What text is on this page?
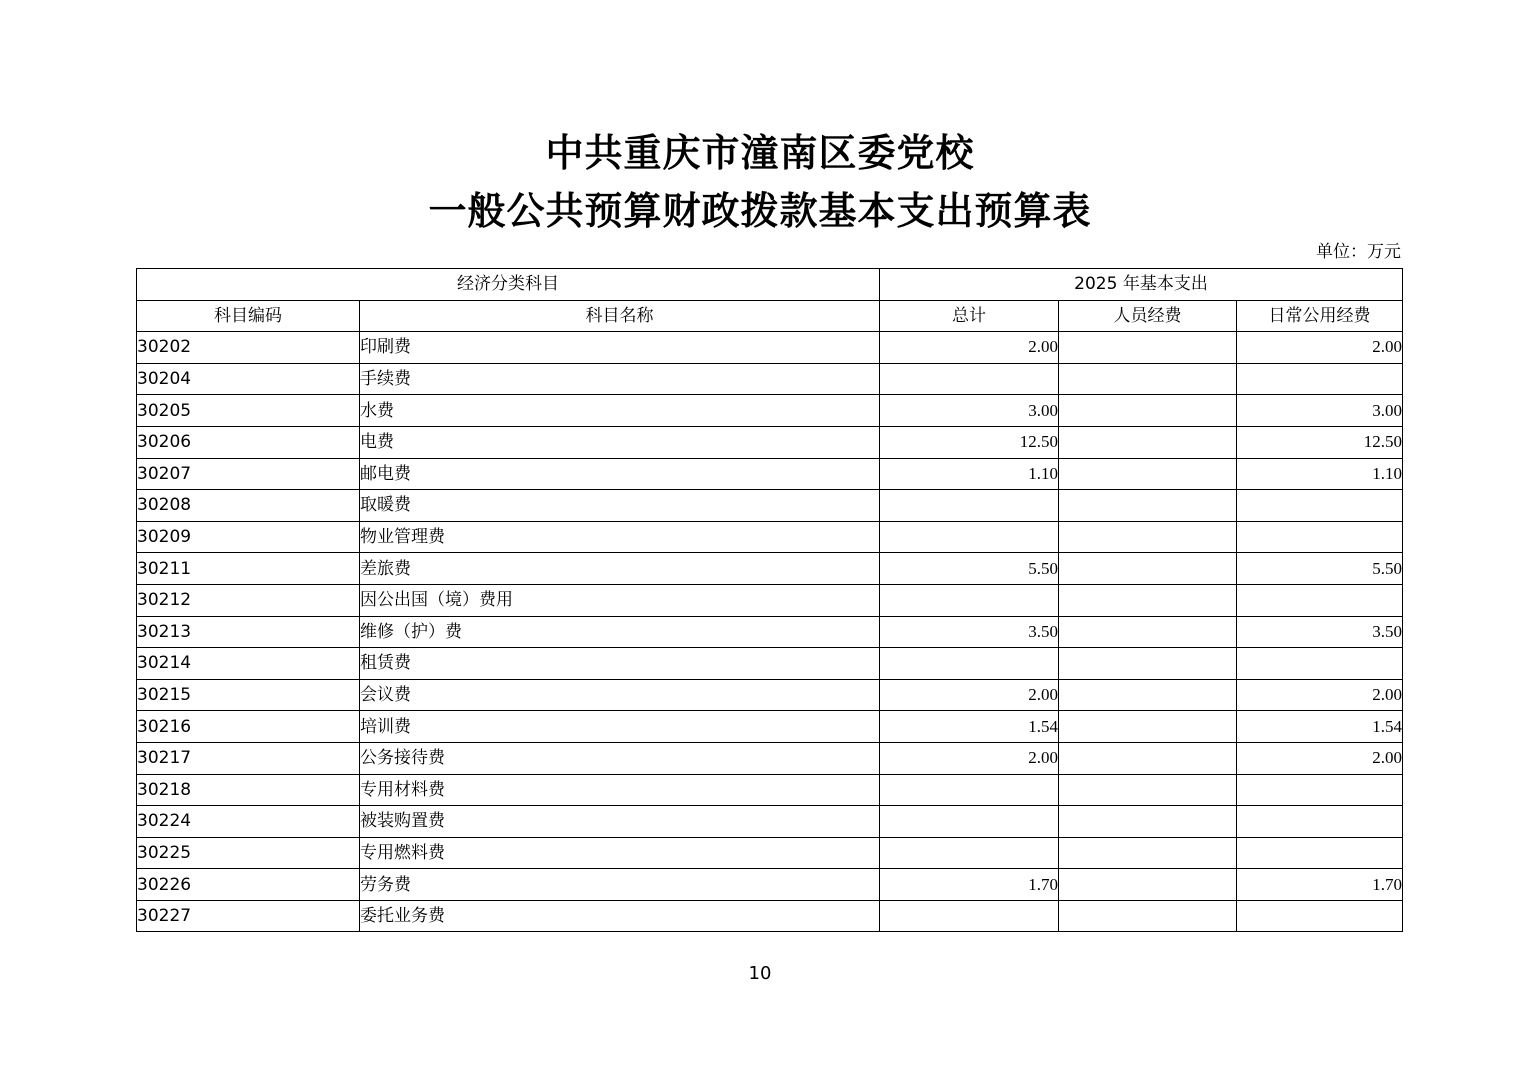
中共重庆市潼南区委党校
一般公共预算财政拨款基本支出预算表
单位：万元
经济分类科目		2025 年基本支出		
科目编码	科目名称	总计	人员经费	日常公用经费
30202	印刷费	2.00		2.00
30204	手续费			
30205	水费	3.00		3.00
30206	电费	12.50		12.50
30207	邮电费	1.10		1.10
30208	取暖费			
30209	物业管理费			
30211	差旅费	5.50		5.50
30212	因公出国（境）费用			
30213	维修（护）费	3.50		3.50
30214	租赁费			
30215	会议费	2.00		2.00
30216	培训费	1.54		1.54
30217	公务接待费	2.00		2.00
30218	专用材料费			
30224	被装购置费			
30225	专用燃料费			
30226	劳务费	1.70		1.70
30227	委托业务费			
10
